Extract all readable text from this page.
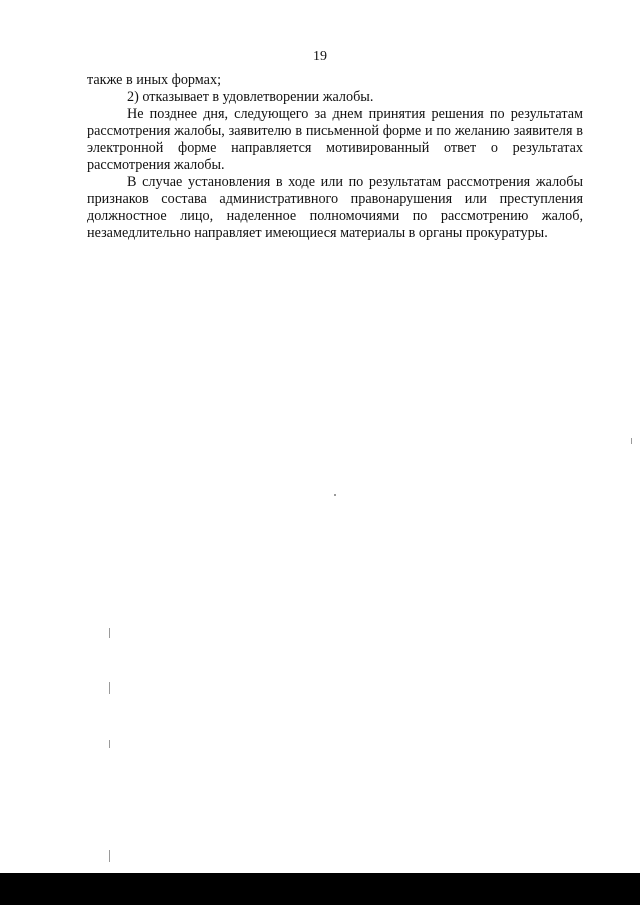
19

также в иных формах;

2) отказывает в удовлетворении жалобы.

Не позднее дня, следующего за днем принятия решения по результатам рассмотрения жалобы, заявителю в письменной форме и по желанию заявителя в электронной форме направляется мотивированный ответ о результатах рассмотрения жалобы.

В случае установления в ходе или по результатам рассмотрения жалобы признаков состава административного правонарушения или преступления должностное лицо, наделенное полномочиями по рассмотрению жалоб, незамедлительно направляет имеющиеся материалы в органы прокуратуры.
